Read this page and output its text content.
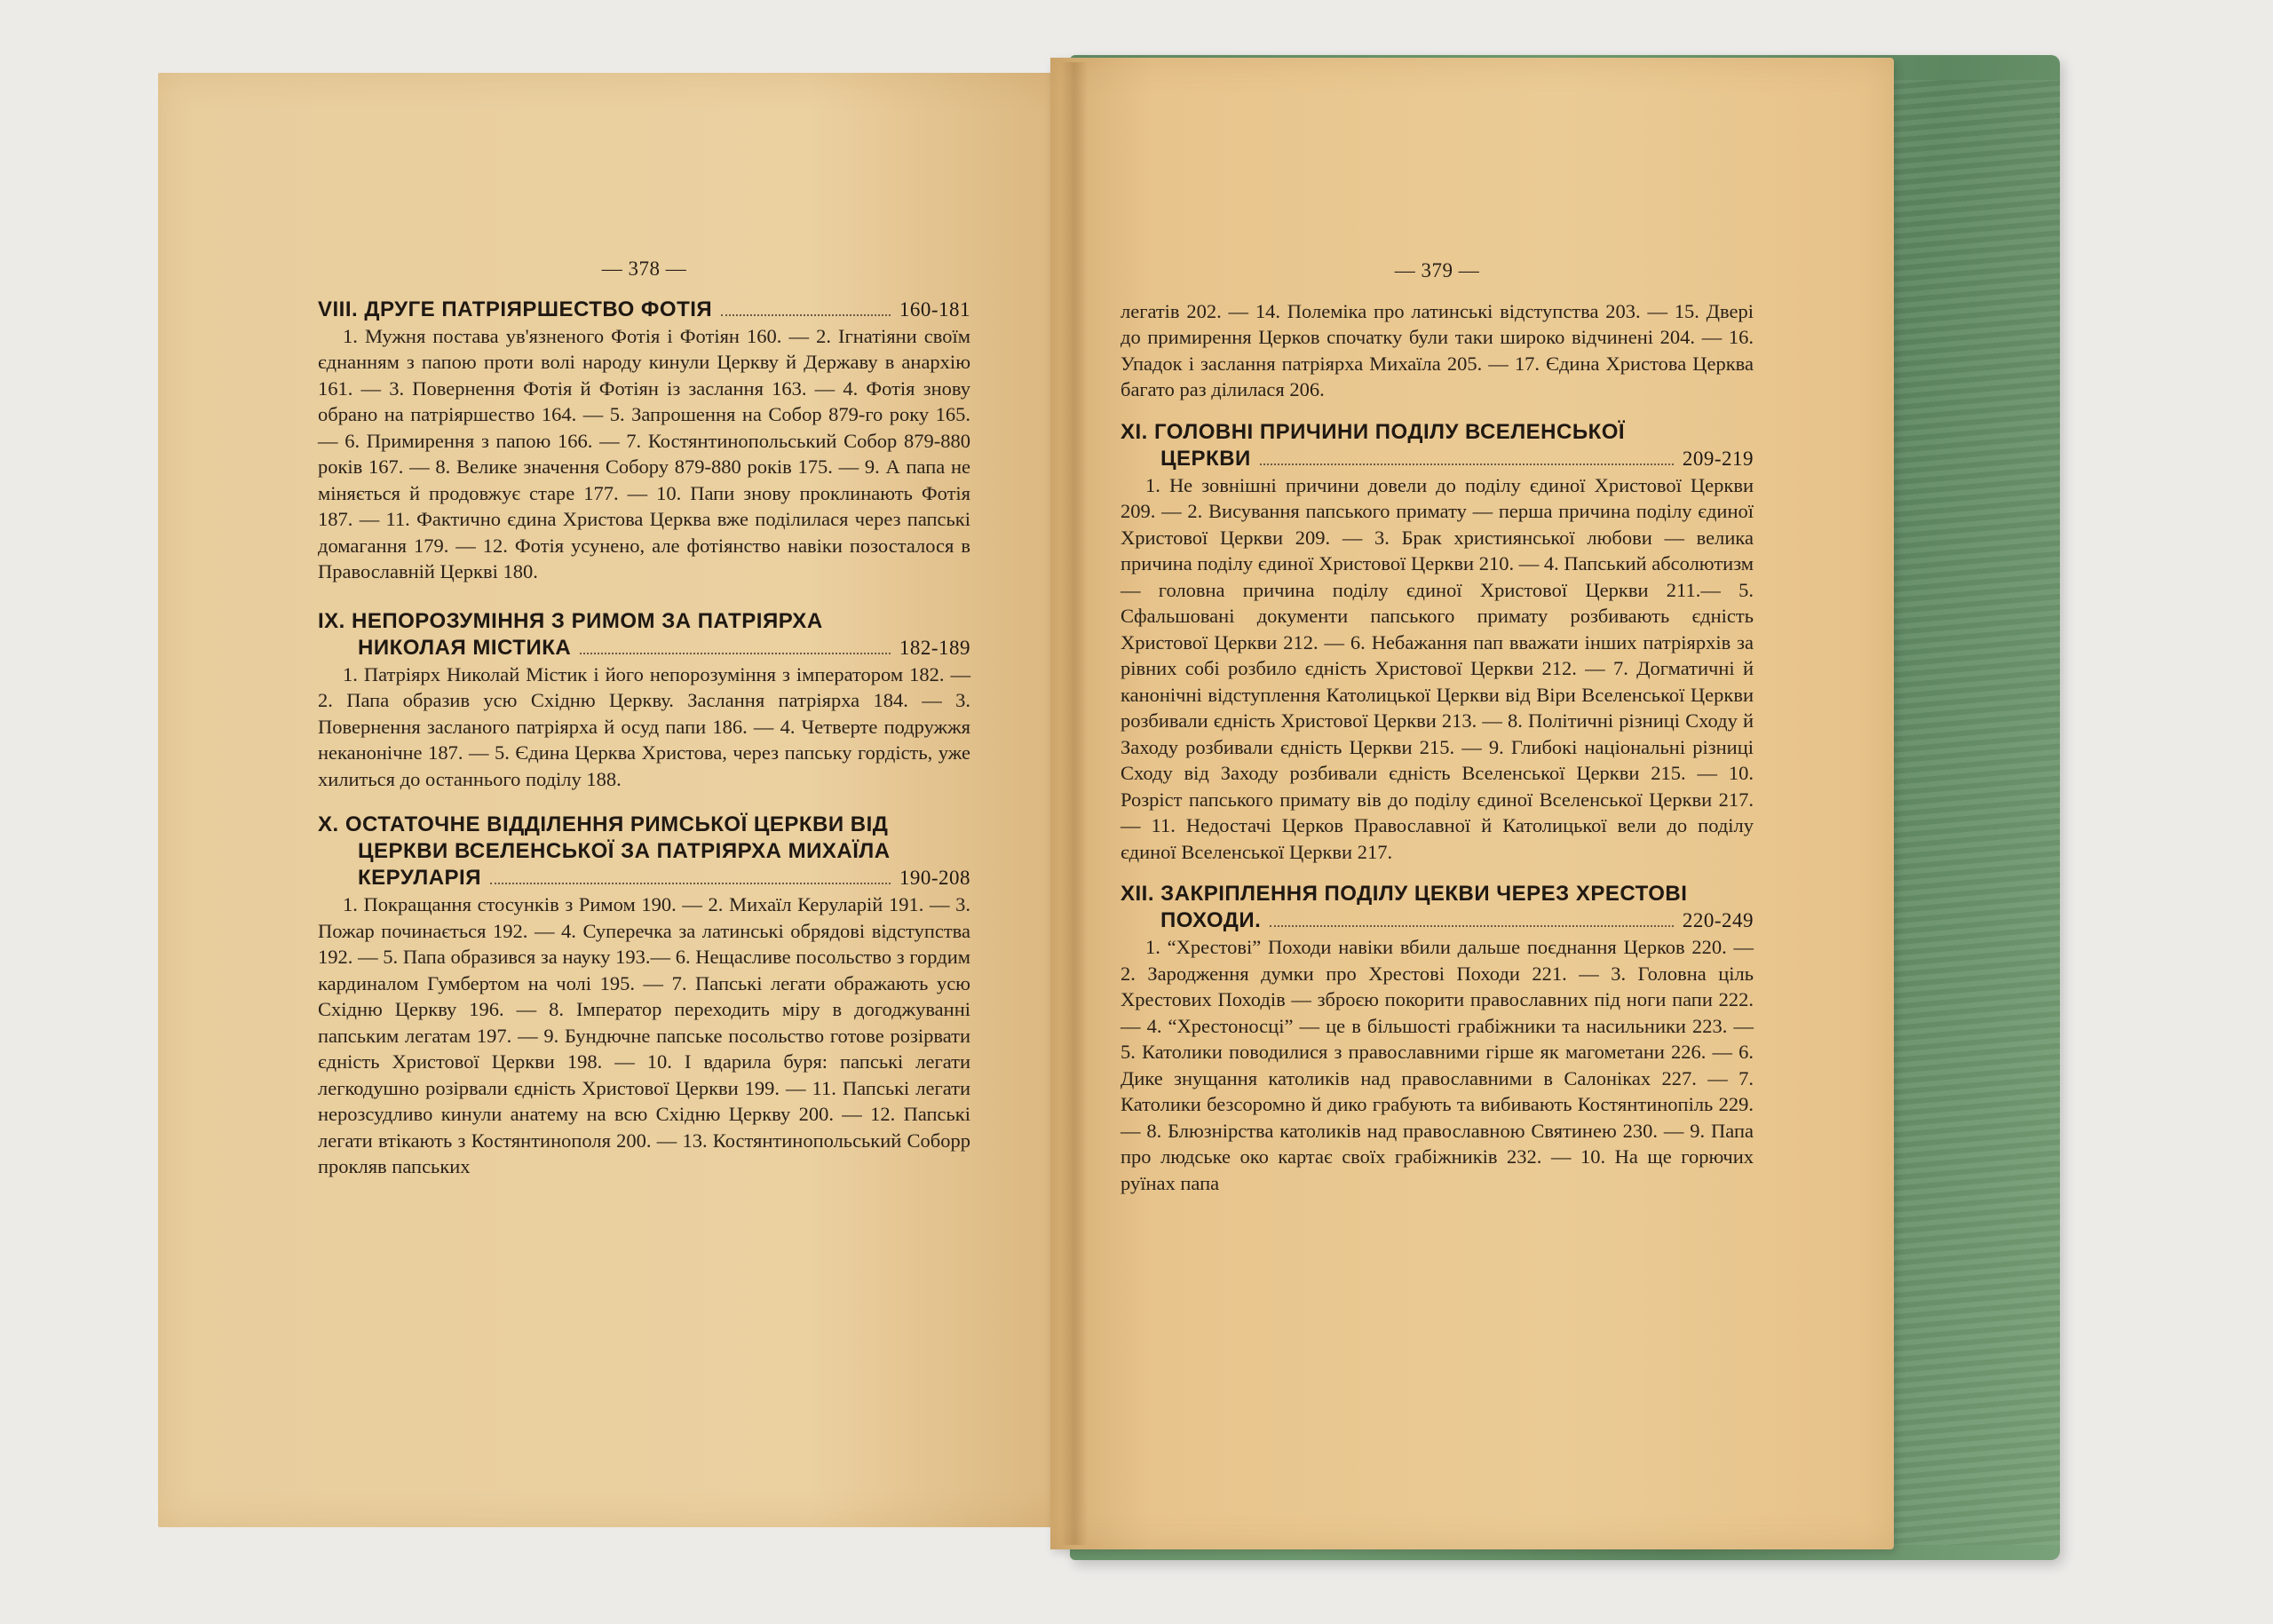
— 378 —
VIII. ДРУГЕ ПАТРІЯРШЕСТВО ФОТІЯ	160-181
1. Мужня постава ув'язненого Фотія і Фотіян 160. — 2. Ігнатіяни своїм єднанням з папою проти волі народу кинули Церкву й Державу в анархію 161. — 3. Повернення Фотія й Фотіян із заслання 163. — 4. Фотія знову обрано на патріяршество 164. — 5. Запрошення на Собор 879-го року 165. — 6. Примирення з папою 166. — 7. Костянтинопольський Собор 879-880 років 167. — 8. Велике значення Собору 879-880 років 175. — 9. А папа не міняється й продовжує старе 177. — 10. Папи знову проклинають Фотія 187. — 11. Фактично єдина Христова Церква вже поділилася через папські домагання 179. — 12. Фотія усунено, але фотіянство навіки позосталося в Православній Церкві 180.
IX. НЕПОРОЗУМІННЯ З РИМОМ ЗА ПАТРІЯРХА
НИКОЛАЯ МІСТИКА	182-189
1. Патріярх Николай Містик і його непорозуміння з імператором 182. — 2. Папа образив усю Східню Церкву. Заслання патріярха 184. — 3. Повернення засланого патріярха й осуд папи 186. — 4. Четверте подружжя неканонічне 187. — 5. Єдина Церква Христова, через папську гордість, уже хилиться до останнього поділу 188.
X. ОСТАТОЧНЕ ВІДДІЛЕННЯ РИМСЬКОЇ ЦЕРКВИ ВІД
ЦЕРКВИ ВСЕЛЕНСЬКОЇ ЗА ПАТРІЯРХА МИХАЇЛА
КЕРУЛАРІЯ	190-208
1. Покращання стосунків з Римом 190. — 2. Михаїл Керуларій 191. — 3. Пожар починається 192. — 4. Суперечка за латинські обрядові відступства 192. — 5. Папа образився за науку 193.— 6. Нещасливе посольство з гордим кардиналом Гумбертом на чолі 195. — 7. Папські легати ображають усю Східню Церкву 196. — 8. Імператор переходить міру в догоджуванні папським легатам 197. — 9. Бундючне папське посольство готове розірвати єдність Христової Церкви 198. — 10. І вдарила буря: папські легати легкодушно розірвали єдність Христової Церкви 199. — 11. Папські легати нерозсудливо кинули анатему на всю Східню Церкву 200. — 12. Папські легати втікають з Костянтинополя 200. — 13. Костянтинопольський Соборр прокляв папських
— 379 —
легатів 202. — 14. Полеміка про латинські відступства 203. — 15. Двері до примирення Церков спочатку були таки широко відчинені 204. — 16. Упадок і заслання патріярха Михаїла 205. — 17. Єдина Христова Церква багато раз ділилася 206.
XI. ГОЛОВНІ ПРИЧИНИ ПОДІЛУ ВСЕЛЕНСЬКОЇ
ЦЕРКВИ	209-219
1. Не зовнішні причини довели до поділу єдиної Христової Церкви 209. — 2. Висування папського примату — перша причина поділу єдиної Христової Церкви 209. — 3. Брак християнської любови — велика причина поділу єдиної Христової Церкви 210. — 4. Папський абсолютизм — головна причина поділу єдиної Христової Церкви 211.— 5. Сфальшовані документи папського примату розбивають єдність Христової Церкви 212. — 6. Небажання пап вважати інших патріярхів за рівних собі розбило єдність Христової Церкви 212. — 7. Догматичні й канонічні відступлення Католицької Церкви від Віри Вселенської Церкви розбивали єдність Христової Церкви 213. — 8. Політичні різниці Сходу й Заходу розбивали єдність Церкви 215. — 9. Глибокі національні різниці Сходу від Заходу розбивали єдність Вселенської Церкви 215. — 10. Розріст папського примату вів до поділу єдиної Вселенської Церкви 217. — 11. Недостачі Церков Православної й Католицької вели до поділу єдиної Вселенської Церкви 217.
XII. ЗАКРІПЛЕННЯ ПОДІЛУ ЦЕКВИ ЧЕРЕЗ ХРЕСТОВІ
ПОХОДИ.	220-249
1. “Хрестові” Походи навіки вбили дальше поєднання Церков 220. — 2. Зародження думки про Хрестові Походи 221. — 3. Головна ціль Хрестових Походів — зброєю покорити православних під ноги папи 222. — 4. “Хрестоносці” — це в більшості грабіжники та насильники 223. — 5. Католики поводилися з православними гірше як магометани 226. — 6. Дике знущання католиків над православними в Салоніках 227. — 7. Католики безсоромно й дико грабують та вибивають Костянтинопіль 229. — 8. Блюзнірства католиків над православною Святинею 230. — 9. Папа про людське око картає своїх грабіжників 232. — 10. На ще горючих руїнах папа
